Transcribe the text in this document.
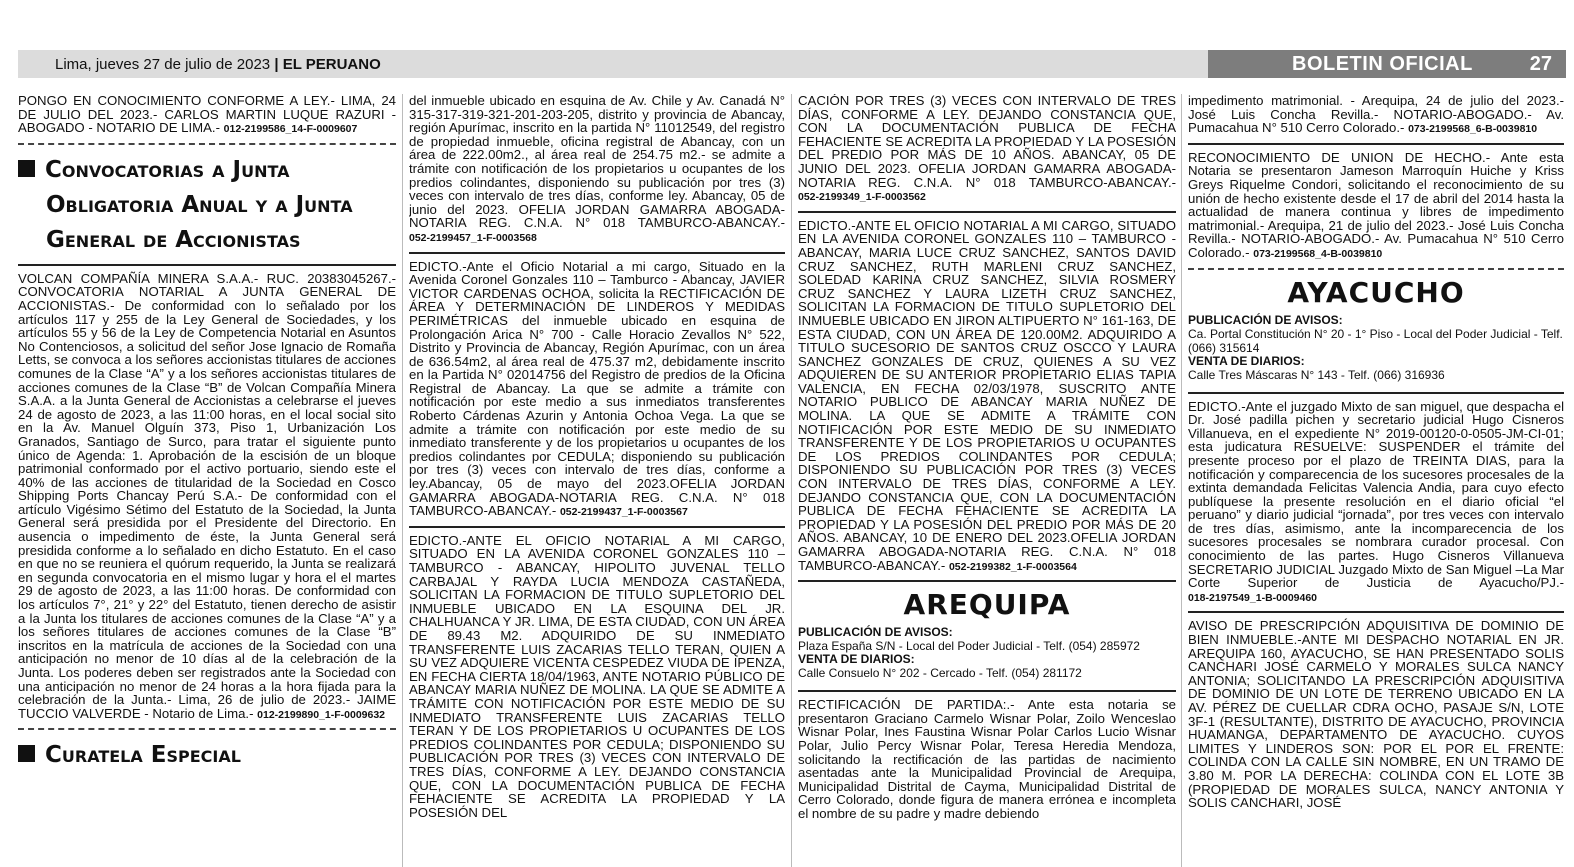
Lima, jueves 27 de julio de 2023 | EL PERUANO	BOLETIN OFICIAL	27
PONGO EN CONOCIMIENTO CONFORME A LEY.- LIMA, 24 DE JULIO DEL 2023.- CARLOS MARTIN LUQUE RAZURI - ABOGADO - NOTARIO DE LIMA.- 012-2199586_14-F-0009607
Convocatorias a Junta Obligatoria Anual y a Junta General de Accionistas
VOLCAN COMPAÑÍA MINERA S.A.A.- RUC. 20383045267.- CONVOCATORIA NOTARIAL A JUNTA GENERAL DE ACCIONISTAS.- De conformidad con lo señalado por los artículos 117 y 255 de la Ley General de Sociedades, y los artículos 55 y 56 de la Ley de Competencia Notarial en Asuntos No Contenciosos, a solicitud del señor Jose Ignacio de Romaña Letts, se convoca a los señores accionistas titulares de acciones comunes de la Clase “A” y a los señores accionistas titulares de acciones comunes de la Clase “B” de Volcan Compañía Minera S.A.A. a la Junta General de Accionistas a celebrarse el jueves 24 de agosto de 2023, a las 11:00 horas, en el local social sito en la Av. Manuel Olguín 373, Piso 1, Urbanización Los Granados, Santiago de Surco, para tratar el siguiente punto único de Agenda: 1. Aprobación de la escisión de un bloque patrimonial conformado por el activo portuario, siendo este el 40% de las acciones de titularidad de la Sociedad en Cosco Shipping Ports Chancay Perú S.A.- De conformidad con el artículo Vigésimo Sétimo del Estatuto de la Sociedad, la Junta General será presidida por el Presidente del Directorio. En ausencia o impedimento de éste, la Junta General será presidida conforme a lo señalado en dicho Estatuto. En el caso en que no se reuniera el quórum requerido, la Junta se realizará en segunda convocatoria en el mismo lugar y hora el el martes 29 de agosto de 2023, a las 11:00 horas. De conformidad con los artículos 7°, 21° y 22° del Estatuto, tienen derecho de asistir a la Junta los titulares de acciones comunes de la Clase “A” y a los señores titulares de acciones comunes de la Clase “B” inscritos en la matrícula de acciones de la Sociedad con una anticipación no menor de 10 días al de la celebración de la Junta. Los poderes deben ser registrados ante la Sociedad con una anticipación no menor de 24 horas a la hora fijada para la celebración de la Junta.- Lima, 26 de julio de 2023.- JAIME TUCCIO VALVERDE - Notario de Lima.- 012-2199890_1-F-0009632
Curatela Especial
del inmueble ubicado en esquina de Av. Chile y Av. Canadá N° 315-317-319-321-201-203-205, distrito y provincia de Abancay, región Apurímac, inscrito en la partida N° 11012549, del registro de propiedad inmueble, oficina registral de Abancay, con un área de 222.00m2., al área real de 254.75 m2.- se admite a trámite con notificación de los propietarios u ocupantes de los predios colindantes, disponiendo su publicación por tres (3) veces con intervalo de tres días, conforme ley. Abancay, 05 de junio del 2023. OFELIA JORDAN GAMARRA ABOGADA-NOTARIA REG. C.N.A. N° 018 TAMBURCO-ABANCAY.- 052-2199457_1-F-0003568
EDICTO.-Ante el Oficio Notarial a mi cargo, Situado en la Avenida Coronel Gonzales 110 – Tamburco - Abancay, JAVIER VICTOR CARDENAS OCHOA, solicita la RECTIFICACIÓN DE ÁREA Y DETERMINACIÓN DE LINDEROS Y MEDIDAS PERIMÉTRICAS del inmueble ubicado en esquina de Prolongación Arica N° 700 - Calle Horacio Zevallos N° 522, Distrito y Provincia de Abancay, Región Apurímac, con un área de 636.54m2, al área real de 475.37 m2, debidamente inscrito en la Partida N° 02014756 del Registro de predios de la Oficina Registral de Abancay. La que se admite a trámite con notificación por este medio a sus inmediatos transferentes Roberto Cárdenas Azurin y Antonia Ochoa Vega. La que se admite a trámite con notificación por este medio de su inmediato transferente y de los propietarios u ocupantes de los predios colindantes por CEDULA; disponiendo su publicación por tres (3) veces con intervalo de tres días, conforme a ley.Abancay, 05 de mayo del 2023.OFELIA JORDAN GAMARRA ABOGADA-NOTARIA REG. C.N.A. N° 018 TAMBURCO-ABANCAY.- 052-2199437_1-F-0003567
EDICTO.-ANTE EL OFICIO NOTARIAL A MI CARGO, SITUADO EN LA AVENIDA CORONEL GONZALES 110 – TAMBURCO - ABANCAY, HIPOLITO JUVENAL TELLO CARBAJAL Y RAYDA LUCIA MENDOZA CASTAÑEDA, SOLICITAN LA FORMACION DE TITULO SUPLETORIO DEL INMUEBLE UBICADO EN LA ESQUINA DEL JR. CHALHUANCA Y JR. LIMA, DE ESTA CIUDAD, CON UN ÁREA DE 89.43 M2. ADQUIRIDO DE SU INMEDIATO TRANSFERENTE LUIS ZACARIAS TELLO TERAN, QUIEN A SU VEZ ADQUIERE VICENTA CESPEDEZ VIUDA DE IPENZA, EN FECHA CIERTA 18/04/1963, ANTE NOTARIO PÚBLICO DE ABANCAY MARIA NUÑEZ DE MOLINA. LA QUE SE ADMITE A TRÁMITE CON NOTIFICACIÓN POR ESTE MEDIO DE SU INMEDIATO TRANSFERENTE LUIS ZACARIAS TELLO TERAN Y DE LOS PROPIETARIOS U OCUPANTES DE LOS PREDIOS COLINDANTES POR CEDULA; DISPONIENDO SU PUBLICACIÓN POR TRES (3) VECES CON INTERVALO DE TRES DÍAS, CONFORME A LEY. DEJANDO CONSTANCIA QUE, CON LA DOCUMENTACIÓN PUBLICA DE FECHA FEHACIENTE SE ACREDITA LA PROPIEDAD Y LA POSESIÓN DEL
CACIÓN POR TRES (3) VECES CON INTERVALO DE TRES DÍAS, CONFORME A LEY. DEJANDO CONSTANCIA QUE, CON LA DOCUMENTACIÓN PUBLICA DE FECHA FEHACIENTE SE ACREDITA LA PROPIEDAD Y LA POSESIÓN DEL PREDIO POR MÁS DE 10 AÑOS. ABANCAY, 05 DE JUNIO DEL 2023. OFELIA JORDAN GAMARRA ABOGADA-NOTARIA REG. C.N.A. N° 018 TAMBURCO-ABANCAY.- 052-2199349_1-F-0003562
EDICTO.-ANTE EL OFICIO NOTARIAL A MI CARGO, SITUADO EN LA AVENIDA CORONEL GONZALES 110 – TAMBURCO - ABANCAY, MARIA LUCE CRUZ SANCHEZ, SANTOS DAVID CRUZ SANCHEZ, RUTH MARLENI CRUZ SANCHEZ, SOLEDAD KARINA CRUZ SANCHEZ, SILVIA ROSMERY CRUZ SANCHEZ Y LAURA LIZETH CRUZ SANCHEZ, SOLICITAN LA FORMACION DE TITULO SUPLETORIO DEL INMUEBLE UBICADO EN JIRON ALTIPUERTO N° 161-163, DE ESTA CIUDAD, CON UN ÁREA DE 120.00M2. ADQUIRIDO A TITULO SUCESORIO DE SANTOS CRUZ OSCCO Y LAURA SANCHEZ GONZALES DE CRUZ, QUIENES A SU VEZ ADQUIEREN DE SU ANTERIOR PROPIETARIO ELIAS TAPIA VALENCIA, EN FECHA 02/03/1978, SUSCRITO ANTE NOTARIO PUBLICO DE ABANCAY MARIA NUÑEZ DE MOLINA. LA QUE SE ADMITE A TRÁMITE CON NOTIFICACIÓN POR ESTE MEDIO DE SU INMEDIATO TRANSFERENTE Y DE LOS PROPIETARIOS U OCUPANTES DE LOS PREDIOS COLINDANTES POR CEDULA; DISPONIENDO SU PUBLICACIÓN POR TRES (3) VECES CON INTERVALO DE TRES DÍAS, CONFORME A LEY. DEJANDO CONSTANCIA QUE, CON LA DOCUMENTACIÓN PUBLICA DE FECHA FEHACIENTE SE ACREDITA LA PROPIEDAD Y LA POSESIÓN DEL PREDIO POR MÁS DE 20 AÑOS. ABANCAY, 10 DE ENERO DEL 2023.OFELIA JORDAN GAMARRA ABOGADA-NOTARIA REG. C.N.A. N° 018 TAMBURCO-ABANCAY.- 052-2199382_1-F-0003564
AREQUIPA
PUBLICACIÓN DE AVISOS:
Plaza España S/N - Local del Poder Judicial - Telf. (054) 285972
VENTA DE DIARIOS:
Calle Consuelo N° 202 - Cercado - Telf. (054) 281172
RECTIFICACIÓN DE PARTIDA:.- Ante esta notaria se presentaron Graciano Carmelo Wisnar Polar, Zoilo Wenceslao Wisnar Polar, Ines Faustina Wisnar Polar Carlos Lucio Wisnar Polar, Julio Percy Wisnar Polar, Teresa Heredia Mendoza, solicitando la rectificación de las partidas de nacimiento asentadas ante la Municipalidad Provincial de Arequipa, Municipalidad Distrital de Cayma, Municipalidad Distrital de Cerro Colorado, donde figura de manera errónea e incompleta el nombre de su padre y madre debiendo
impedimento matrimonial. - Arequipa, 24 de julio del 2023.- José Luis Concha Revilla.- NOTARIO-ABOGADO.- Av. Pumacahua N° 510 Cerro Colorado.- 073-2199568_6-B-0039810
RECONOCIMIENTO DE UNION DE HECHO.- Ante esta Notaria se presentaron Jameson Marroquín Huiche y Kriss Greys Riquelme Condori, solicitando el reconocimiento de su unión de hecho existente desde el 17 de abril del 2014 hasta la actualidad de manera continua y libres de impedimento matrimonial.- Arequipa, 21 de julio del 2023.- José Luis Concha Revilla.- NOTARIO-ABOGADO.- Av. Pumacahua N° 510 Cerro Colorado.- 073-2199568_4-B-0039810
AYACUCHO
PUBLICACIÓN DE AVISOS:
Ca. Portal Constitución N° 20 - 1° Piso - Local del Poder Judicial - Telf. (066) 315614
VENTA DE DIARIOS:
Calle Tres Máscaras N° 143 - Telf. (066) 316936
EDICTO.-Ante el juzgado Mixto de san miguel, que despacha el Dr. José padilla pichen y secretario judicial Hugo Cisneros Villanueva, en el expediente N° 2019-00120-0-0505-JM-CI-01; esta judicatura RESUELVE: SUSPENDER el trámite del presente proceso por el plazo de TREINTA DIAS, para la notificación y comparecencia de los sucesores procesales de la extinta demandada Felicitas Valencia Andia, para cuyo efecto publíquese la presente resolución en el diario oficial “el peruano” y diario judicial “jornada”, por tres veces con intervalo de tres días, asimismo, ante la incomparecencia de los sucesores procesales se nombrara curador procesal. Con conocimiento de las partes. Hugo Cisneros Villanueva SECRETARIO JUDICIAL Juzgado Mixto de San Miguel –La Mar Corte Superior de Justicia de Ayacucho/PJ.- 018-2197549_1-B-0009460
AVISO DE PRESCRIPCIÓN ADQUISITIVA DE DOMINIO DE BIEN INMUEBLE.-ANTE MI DESPACHO NOTARIAL EN JR. AREQUIPA 160, AYACUCHO, SE HAN PRESENTADO SOLIS CANCHARI JOSÉ CARMELO Y MORALES SULCA NANCY ANTONIA; SOLICITANDO LA PRESCRIPCIÓN ADQUISITIVA DE DOMINIO DE UN LOTE DE TERRENO UBICADO EN LA AV. PÉREZ DE CUELLAR CDRA OCHO, PASAJE S/N, LOTE 3F-1 (RESULTANTE), DISTRITO DE AYACUCHO, PROVINCIA HUAMANGA, DEPARTAMENTO DE AYACUCHO. CUYOS LIMITES Y LINDEROS SON: POR EL POR EL FRENTE: COLINDA CON LA CALLE SIN NOMBRE, EN UN TRAMO DE 3.80 M. POR LA DERECHA: COLINDA CON EL LOTE 3B (PROPIEDAD DE MORALES SULCA, NANCY ANTONIA Y SOLIS CANCHARI, JOSÉ
